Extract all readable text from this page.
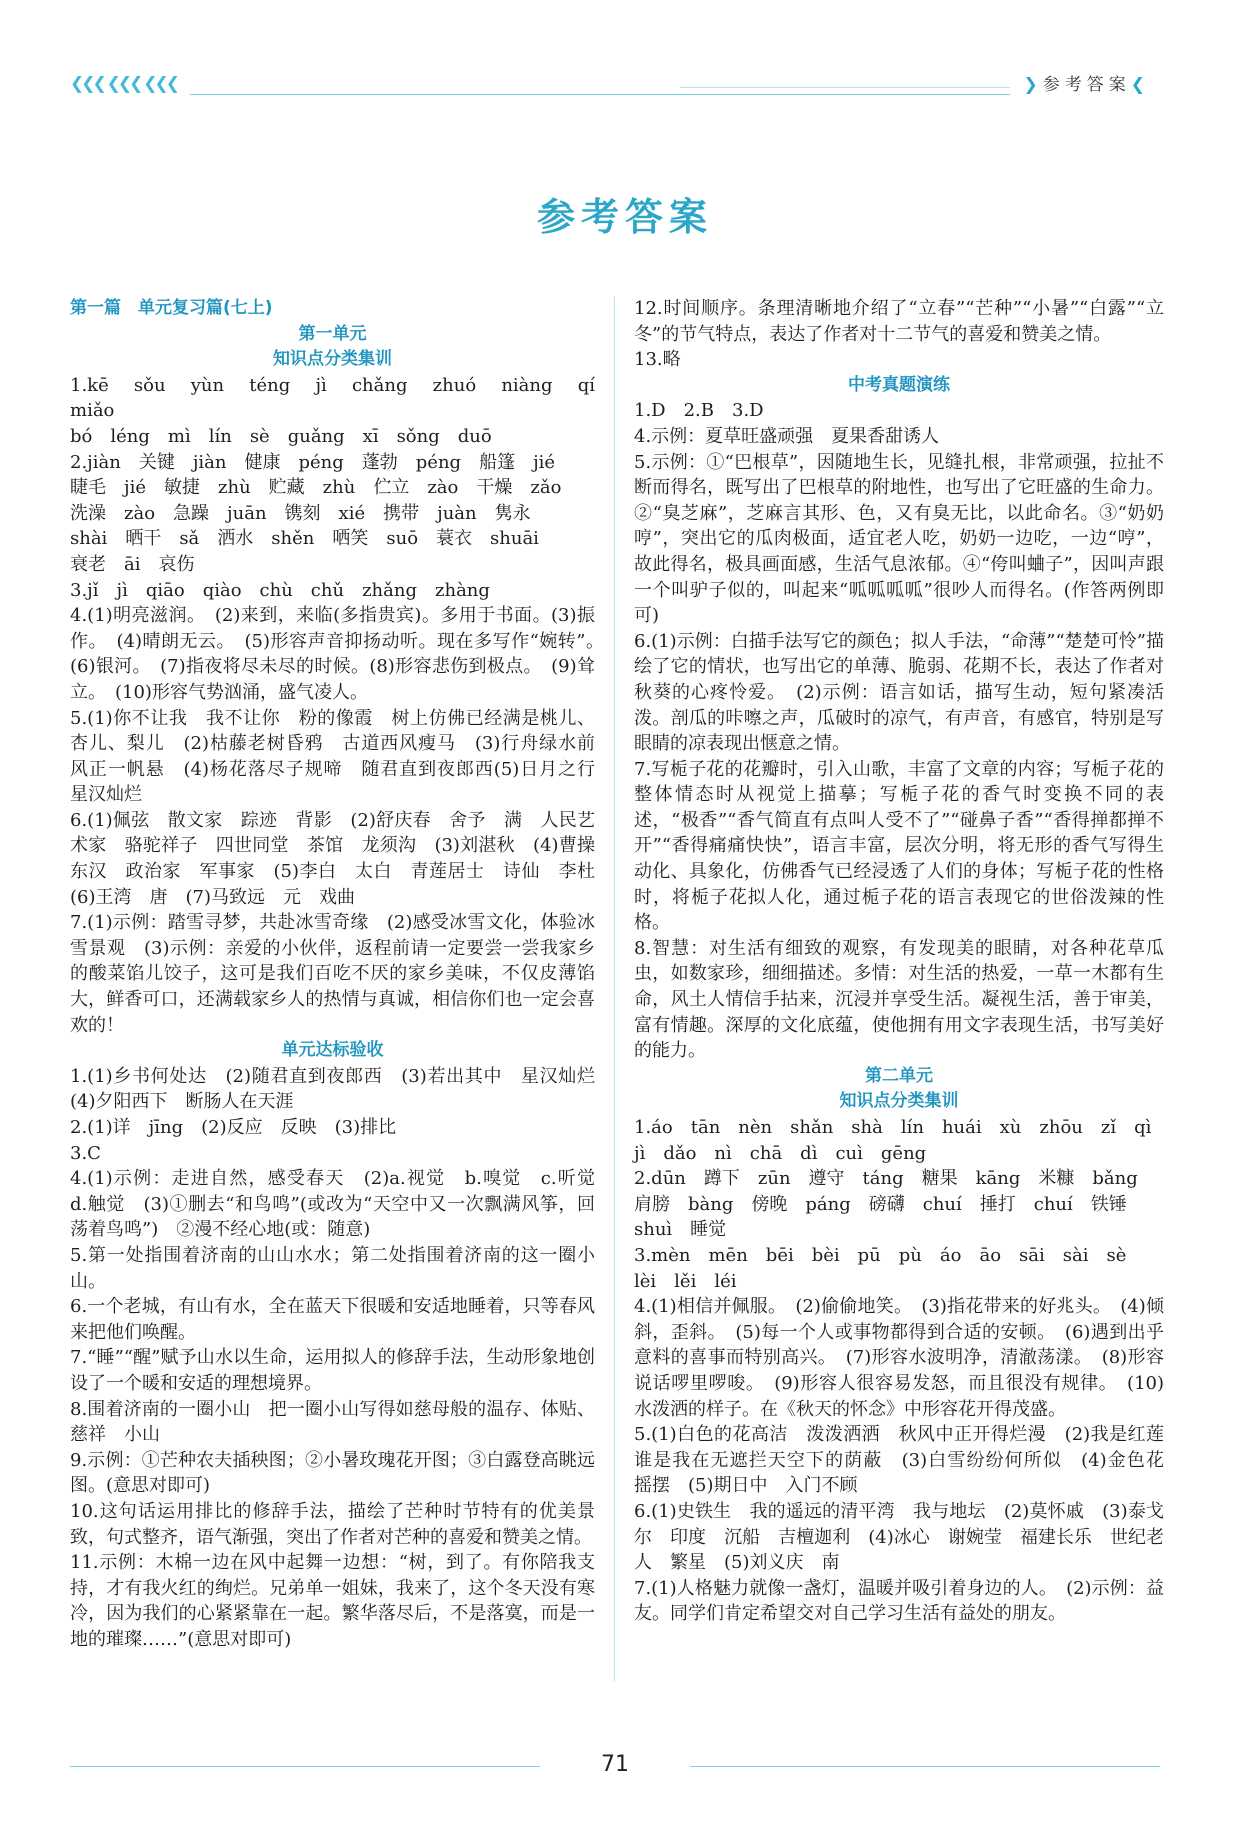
❮❮❮ ❮❮❮ ❮❮❮	❯参考答案❮
参考答案

第一篇　单元复习篇(七上)

第一单元

知识点分类集训

1.kē　sǒu　yùn　téng　jì　chǎng　zhuó　niàng　qí　miǎo

bó　léng　mì　lín　sè　guǎng　xī　sǒng　duō

2.jiàn　关键　jiàn　健康　péng　蓬勃　péng　船篷　jié

睫毛　jié　敏捷　zhù　贮藏　zhù　伫立　zào　干燥　zǎo

洗澡　zào　急躁　juān　镌刻　xié　携带　juàn　隽永

shài　晒干　sǎ　洒水　shěn　哂笑　suō　蓑衣　shuāi

衰老　āi　哀伤

3.jǐ　jì　qiāo　qiào　chù　chǔ　zhǎng　zhàng

4.(1)明亮滋润。　(2)来到，来临(多指贵宾)。多用于书面。(3)振作。　(4)晴朗无云。　(5)形容声音抑扬动听。现在多写作“婉转”。　(6)银河。　(7)指夜将尽未尽的时候。(8)形容悲伤到极点。　(9)耸立。　(10)形容气势汹涌，盛气凌人。

5.(1)你不让我　我不让你　粉的像霞　树上仿佛已经满是桃儿、杏儿、梨儿　(2)枯藤老树昏鸦　古道西风瘦马　(3)行舟绿水前　风正一帆悬　(4)杨花落尽子规啼　随君直到夜郎西(5)日月之行　星汉灿烂

6.(1)佩弦　散文家　踪迹　背影　(2)舒庆春　舍予　满　人民艺术家　骆驼祥子　四世同堂　茶馆　龙须沟　(3)刘湛秋　(4)曹操　东汉　政治家　军事家　(5)李白　太白　青莲居士　诗仙　李杜　(6)王湾　唐　(7)马致远　元　戏曲

7.(1)示例：踏雪寻梦，共赴冰雪奇缘　(2)感受冰雪文化，体验冰雪景观　(3)示例：亲爱的小伙伴，返程前请一定要尝一尝我家乡的酸菜馅儿饺子，这可是我们百吃不厌的家乡美味，不仅皮薄馅大，鲜香可口，还满载家乡人的热情与真诚，相信你们也一定会喜欢的！

单元达标验收

1.(1)乡书何处达　(2)随君直到夜郎西　(3)若出其中　星汉灿烂　(4)夕阳西下　断肠人在天涯

2.(1)详　jīng　(2)反应　反映　(3)排比

3.C

4.(1)示例：走进自然，感受春天　(2)a.视觉　b.嗅觉　c.听觉　d.触觉　(3)①删去“和鸟鸣”(或改为“天空中又一次飘满风筝，回荡着鸟鸣”)　②漫不经心地(或：随意)

5.第一处指围着济南的山山水水；第二处指围着济南的这一圈小山。

6.一个老城，有山有水，全在蓝天下很暖和安适地睡着，只等春风来把他们唤醒。

7.“睡”“醒”赋予山水以生命，运用拟人的修辞手法，生动形象地创设了一个暖和安适的理想境界。

8.围着济南的一圈小山　把一圈小山写得如慈母般的温存、体贴、慈祥　小山

9.示例：①芒种农夫插秧图；②小暑玫瑰花开图；③白露登高眺远图。(意思对即可)

10.这句话运用排比的修辞手法，描绘了芒种时节特有的优美景致，句式整齐，语气渐强，突出了作者对芒种的喜爱和赞美之情。

11.示例：木棉一边在风中起舞一边想：“树，到了。有你陪我支持，才有我火红的绚烂。兄弟单一姐妹，我来了，这个冬天没有寒冷，因为我们的心紧紧靠在一起。繁华落尽后，不是落寞，而是一地的璀璨……”(意思对即可)

12.时间顺序。条理清晰地介绍了“立春”“芒种”“小暑”“白露”“立冬”的节气特点，表达了作者对十二节气的喜爱和赞美之情。

13.略

中考真题演练

1.D　2.B　3.D

4.示例：夏草旺盛顽强　夏果香甜诱人

5.示例：①“巴根草”，因随地生长，见缝扎根，非常顽强，拉扯不断而得名，既写出了巴根草的附地性，也写出了它旺盛的生命力。②“臭芝麻”，芝麻言其形、色，又有臭无比，以此命名。③“奶奶哼”，突出它的瓜肉极面，适宜老人吃，奶奶一边吃，一边“哼”，故此得名，极具画面感，生活气息浓郁。④“侉叫蛐子”，因叫声跟一个叫驴子似的，叫起来“呱呱呱呱”很吵人而得名。(作答两例即可)

6.(1)示例：白描手法写它的颜色；拟人手法，“命薄”“楚楚可怜”描绘了它的情状，也写出它的单薄、脆弱、花期不长，表达了作者对秋葵的心疼怜爱。　(2)示例：语言如话，描写生动，短句紧凑活泼。剖瓜的咔嚓之声，瓜破时的凉气，有声音，有感官，特别是写眼睛的凉表现出惬意之情。

7.写栀子花的花瓣时，引入山歌，丰富了文章的内容；写栀子花的整体情态时从视觉上描摹；写栀子花的香气时变换不同的表述，“极香”“香气简直有点叫人受不了”“碰鼻子香”“香得掸都掸不开”“香得痛痛快快”，语言丰富，层次分明，将无形的香气写得生动化、具象化，仿佛香气已经浸透了人们的身体；写栀子花的性格时，将栀子花拟人化，通过栀子花的语言表现它的世俗泼辣的性格。

8.智慧：对生活有细致的观察，有发现美的眼睛，对各种花草瓜虫，如数家珍，细细描述。多情：对生活的热爱，一草一木都有生命，风土人情信手拈来，沉浸并享受生活。凝视生活，善于审美，富有情趣。深厚的文化底蕴，使他拥有用文字表现生活，书写美好的能力。

第二单元

知识点分类集训

1.áo　tān　nèn　shǎn　shà　lín　huái　xù　zhōu　zǐ　qì

jì　dǎo　nì　chā　dì　cuì　gēng

2.dūn　蹲下　zūn　遵守　táng　糖果　kāng　米糠　bǎng

肩膀　bàng　傍晚　páng　磅礴　chuí　捶打　chuí　铁锤

shuì　睡觉

3.mèn　mēn　bēi　bèi　pū　pù　áo　āo　sāi　sài　sè

lèi　lěi　léi

4.(1)相信并佩服。　(2)偷偷地笑。　(3)指花带来的好兆头。　(4)倾斜，歪斜。　(5)每一个人或事物都得到合适的安顿。　(6)遇到出乎意料的喜事而特别高兴。　(7)形容水波明净，清澈荡漾。　(8)形容说话啰里啰唆。　(9)形容人很容易发怒，而且很没有规律。　(10)水泼洒的样子。在《秋天的怀念》中形容花开得茂盛。

5.(1)白色的花高洁　泼泼洒洒　秋风中正开得烂漫　(2)我是红莲　谁是我在无遮拦天空下的荫蔽　(3)白雪纷纷何所似　(4)金色花　摇摆　(5)期日中　入门不顾

6.(1)史铁生　我的遥远的清平湾　我与地坛　(2)莫怀戚　(3)泰戈尔　印度　沉船　吉檀迦利　(4)冰心　谢婉莹　福建长乐　世纪老人　繁星　(5)刘义庆　南

7.(1)人格魅力就像一盏灯，温暖并吸引着身边的人。　(2)示例：益友。同学们肯定希望交对自己学习生活有益处的朋友。

71
